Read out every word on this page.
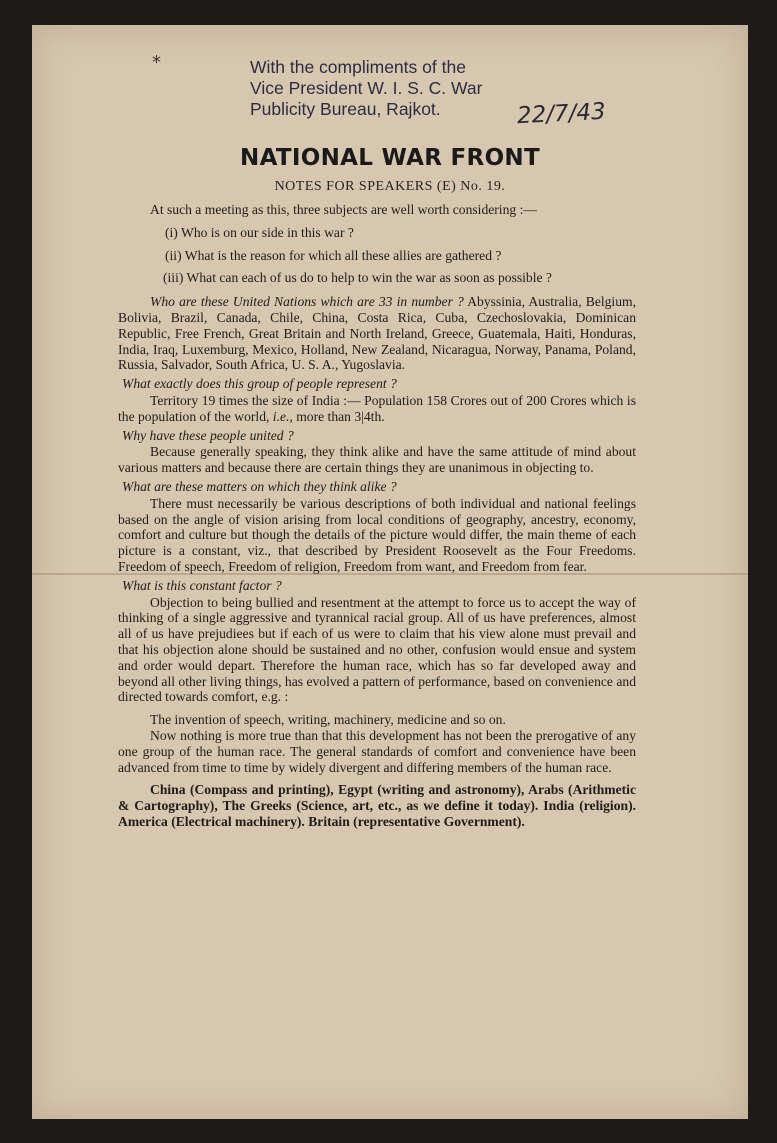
*	With the compliments of the
Vice President W. I. S. C. War
Publicity Bureau, Rajkot.	22/7/43
NATIONAL WAR FRONT
NOTES FOR SPEAKERS (E) No. 19.

At such a meeting as this, three subjects are well worth considering :—

(i) Who is on our side in this war ?

(ii) What is the reason for which all these allies are gathered ?

(iii) What can each of us do to help to win the war as soon as possible ?

Who are these United Nations which are 33 in number ? Abyssinia, Australia, Belgium, Bolivia, Brazil, Canada, Chile, China, Costa Rica, Cuba, Czechoslovakia, Dominican Republic, Free French, Great Britain and North Ireland, Greece, Guatemala, Haiti, Honduras, India, Iraq, Luxemburg, Mexico, Holland, New Zealand, Nicaragua, Norway, Panama, Poland, Russia, Salvador, South Africa, U. S. A., Yugoslavia.

What exactly does this group of people represent ?

Territory 19 times the size of India :— Population 158 Crores out of 200 Crores which is the population of the world, i.e., more than 3|4th.

Why have these people united ?

Because generally speaking, they think alike and have the same attitude of mind about various matters and because there are certain things they are unanimous in objecting to.

What are these matters on which they think alike ?

There must necessarily be various descriptions of both individual and national feelings based on the angle of vision arising from local conditions of geography, ancestry, economy, comfort and culture but though the details of the picture would differ, the main theme of each picture is a constant, viz., that described by President Roosevelt as the Four Freedoms. Freedom of speech, Freedom of religion, Freedom from want, and Freedom from fear.

What is this constant factor ?

Objection to being bullied and resentment at the attempt to force us to accept the way of thinking of a single aggressive and tyrannical racial group. All of us have preferences, almost all of us have prejudiees but if each of us were to claim that his view alone must prevail and that his objection alone should be sustained and no other, confusion would ensue and system and order would depart. Therefore the human race, which has so far developed away and beyond all other living things, has evolved a pattern of performance, based on convenience and directed towards comfort, e.g. :

The invention of speech, writing, machinery, medicine and so on.

Now nothing is more true than that this development has not been the prerogative of any one group of the human race. The general standards of comfort and convenience have been advanced from time to time by widely divergent and differing members of the human race.

China (Compass and printing), Egypt (writing and astronomy), Arabs (Arithmetic & Cartography), The Greeks (Science, art, etc., as we define it today). India (religion). America (Electrical machinery). Britain (representative Government).
